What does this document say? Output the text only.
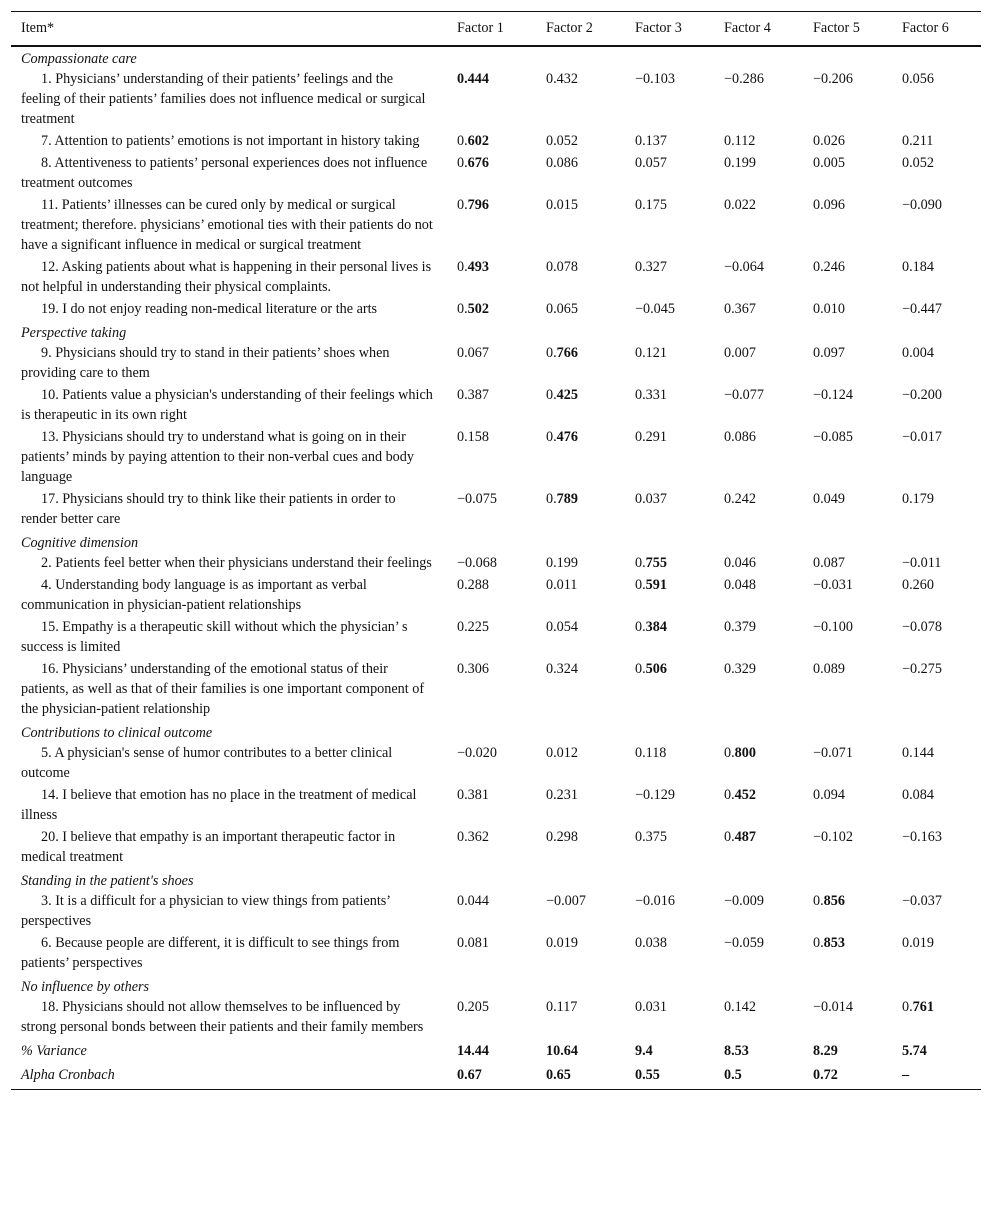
Item*	Factor 1	Factor 2	Factor 3	Factor 4	Factor 5	Factor 6
Compassionate care						
1. Physicians’ understanding of their patients’ feelings and the feeling of their patients’ families does not influence medical or surgical treatment	0.444	0.432	−0.103	−0.286	−0.206	0.056
7. Attention to patients’ emotions is not important in history taking	0.602	0.052	0.137	0.112	0.026	0.211
8. Attentiveness to patients’ personal experiences does not influence treatment outcomes	0.676	0.086	0.057	0.199	0.005	0.052
11. Patients’ illnesses can be cured only by medical or surgical treatment; therefore. physicians’ emotional ties with their patients do not have a significant influence in medical or surgical treatment	0.796	0.015	0.175	0.022	0.096	−0.090
12. Asking patients about what is happening in their personal lives is not helpful in understanding their physical complaints.	0.493	0.078	0.327	−0.064	0.246	0.184
19. I do not enjoy reading non-medical literature or the arts	0.502	0.065	−0.045	0.367	0.010	−0.447
Perspective taking						
9. Physicians should try to stand in their patients’ shoes when providing care to them	0.067	0.766	0.121	0.007	0.097	0.004
10. Patients value a physician's understanding of their feelings which is therapeutic in its own right	0.387	0.425	0.331	−0.077	−0.124	−0.200
13. Physicians should try to understand what is going on in their patients’ minds by paying attention to their non-verbal cues and body language	0.158	0.476	0.291	0.086	−0.085	−0.017
17. Physicians should try to think like their patients in order to render better care	−0.075	0.789	0.037	0.242	0.049	0.179
Cognitive dimension						
2. Patients feel better when their physicians understand their feelings	−0.068	0.199	0.755	0.046	0.087	−0.011
4. Understanding body language is as important as verbal communication in physician-patient relationships	0.288	0.011	0.591	0.048	−0.031	0.260
15. Empathy is a therapeutic skill without which the physician’ s success is limited	0.225	0.054	0.384	0.379	−0.100	−0.078
16. Physicians’ understanding of the emotional status of their patients, as well as that of their families is one important component of the physician-patient relationship	0.306	0.324	0.506	0.329	0.089	−0.275
Contributions to clinical outcome						
5. A physician's sense of humor contributes to a better clinical outcome	−0.020	0.012	0.118	0.800	−0.071	0.144
14. I believe that emotion has no place in the treatment of medical illness	0.381	0.231	−0.129	0.452	0.094	0.084
20. I believe that empathy is an important therapeutic factor in medical treatment	0.362	0.298	0.375	0.487	−0.102	−0.163
Standing in the patient's shoes						
3. It is a difficult for a physician to view things from patients’ perspectives	0.044	−0.007	−0.016	−0.009	0.856	−0.037
6. Because people are different, it is difficult to see things from patients’ perspectives	0.081	0.019	0.038	−0.059	0.853	0.019
No influence by others						
18. Physicians should not allow themselves to be influenced by strong personal bonds between their patients and their family members	0.205	0.117	0.031	0.142	−0.014	0.761
% Variance	14.44	10.64	9.4	8.53	8.29	5.74
Alpha Cronbach	0.67	0.65	0.55	0.5	0.72	–
